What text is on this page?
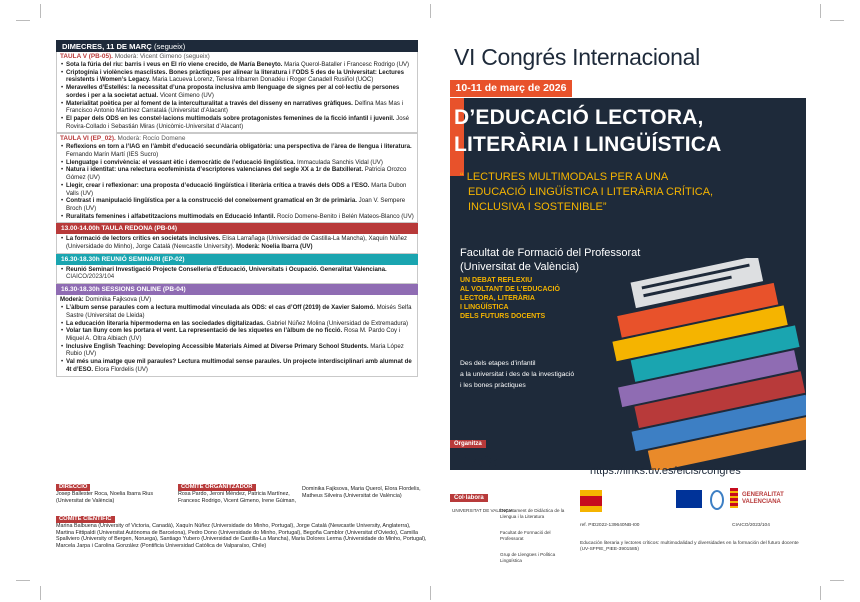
DIMECRES, 11 DE MARÇ (segueix)
TAULA V (PB-05). Moderà: Vicent Gimeno (segueix)
• Sota la fúria del riu: barris i veus en El río viene crecido, de María Beneyto. Maria Querol-Bataller i Francesc Rodrigo (UV)
• Criptogínia i violències masclistes. Bones pràctiques per alinear la literatura i l’ODS 5 des de la Universitat: Lectures resistents i Women’s Legacy. Maria Lacueva Lorenz, Teresa Iribarren Donadéu i Roger Canadell Rusiñol (UOC)
• Meravelles d’Estellés: la necessitat d’una proposta inclusiva amb llenguage de signes per al col·lectiu de persones sordes i per a la societat actual. Vicent Gimeno (UV)
• Materialitat poètica per al foment de la interculturalitat a través del disseny en narratives gràfiques. Delfina Mas Mas i Francisco Antonio Martínez Carratalá (Universitat d’Alacant)
• El paper dels ODS en les constel·lacions multimodals sobre protagonistes femenines de la ficció infantil i juvenil. José Rovira-Collado i Sebastián Miras (Unicòmic-Universitat d’Alacant)
TAULA VI (EP_02). Moderà: Rocío Domene
• Reflexions en torn a l’IAG en l’àmbit d’educació secundària obligatòria: una perspectiva de l’àrea de llengua i literatura. Fernando Marín Martí (IES Sucro)
• Llenguatge i convivència: el vessant ètic i democràtic de l’educació lingüística. Immaculada Sanchis Vidal (UV)
• Natura i identitat: una relectura ecofeminista d’escriptores valencianes del segle XX a 1r de Batxillerat. Patricia Orozco Gómez (UV)
• Llegir, crear i reflexionar: una proposta d’educació lingüística i literària crítica a través dels ODS a l’ESO. Marta Dubon Valls (UV)
• Contrast i manipulació lingüística per a la construcció del coneixement gramatical en 3r de primària. Joan V. Sempere Broch (UV)
• Ruralitats femenines i alfabetitzacions multimodals en Educació Infantil. Rocío Domene-Benito i Belén Mateos-Blanco (UV)
13.00-14.00h TAULA REDONA (PB-04)
• La formació de lectors crítics en societats inclusives. Elisa Larrañaga (Universidad de Castilla-La Mancha), Xaquín Núñez (Universidade do Minho), Jorge Catalá (Newcastle University). Moderà: Noelia Ibarra (UV)
16.30-18.30h REUNIÓ SEMINARI (EP-02)
• Reunió Seminari Investigació Projecte Conselleria d’Educació, Universitats i Ocupació. Generalitat Valenciana.
CIAICO/2023/104
16.30-18.30h SESSIONS ONLINE (PB-04)
Moderà: Dominika Fajksova (UV)
• L’àlbum sense paraules com a lectura multimodal vinculada als ODS: el cas d’Off (2019) de Xavier Salomó. Moisés Selfa Sastre (Universitat de Lleida)
• La educación literaria hipermoderna en las sociedades digitalizadas. Gabriel Núñez Molina (Universidad de Extremadura)
• Volar tan lluny com les portara el vent. La representació de les xiquetes en l’àlbum de no ficció. Rosa M. Pardo Coy i Miquel A. Oltra Albiach (UV)
• Inclusive English Teaching: Developing Accessible Materials Aimed at Diverse Primary School Students. Maria López Rubio (UV)
• Val més una imatge que mil paraules? Lectura multimodal sense paraules. Un projecte interdisciplinari amb alumnat de 4t d’ESO. Elora Flordelis (UV)
DIRECCIÓ
Josep Ballester Roca, Noelia Ibarra Rius (Universitat de València)
COMITÈ ORGANITZADOR
Rosa Pardo, Jeroni Méndez, Patricia Martínez, Francesc Rodrigo, Vicent Gimeno, Irene Gúiman,
Dominika Fajksova, Maria Querol, Elora Flordelis, Matheus Silveira (Universitat de València)
COMITÈ CIENTÍFIC
Marina Balbuena (University of Victoria, Canadà), Xaquín Núñez (Universidade do Minho, Portugal), Jorge Catalá (Newcastle University, Anglaterra), Martina Fittipaldi (Universitat Autònoma de Barcelona), Pedro Dono (Universidade do Minho, Portugal), Begoña Camblor (Universitat d’Oviedo), Camilla Spallviero (University of Bergen, Noruega), Santiago Yubero (Universidad de Castilla-La Mancha), Maria Dolores Lerma (Universidade do Minho, Portugal), Marcela Jarpa i Carolina González (Pontificia Universidad Católica de Valparaíso, Chile)
VI Congrés Internacional
10-11 de març de 2026
D’EDUCACIÓ LECTORA,
LITERÀRIA I LINGÜÍSTICA
“ LECTURES MULTIMODALS PER A UNA
EDUCACIÓ LINGÜÍSTICA I LITERÀRIA CRÍTICA,
INCLUSIVA I SOSTENIBLE”
Facultat de Formació del Professorat
(Universitat de València)
UN DEBAT REFLEXIU
AL VOLTANT DE L’EDUCACIÓ
LECTORA, LITERÀRIA
I LINGÜÍSTICA
DELS FUTURS DOCENTS
Des dels etapes d’infantil
a la universitat i des de la investigació
i les bones pràctiques
Organitza
ELcis
Col·labora
UNIVERSITAT DE VALÈNCIA
Departament de Didàctica de la Llengua i la Literatura
Facultat de Formació del Professorat
Grup de Llengües i Política Lingüística
https://links.uv.es/elcis/congres
GENERALITAT VALENCIANA
ref. PID2022-139640NB-I00	CIAICO/2023/104
Educación literaria y lectores críticos: multimodalidad y diversidades en la formación del futuro docente (UV-SFPIE_PIEE-3901585)
